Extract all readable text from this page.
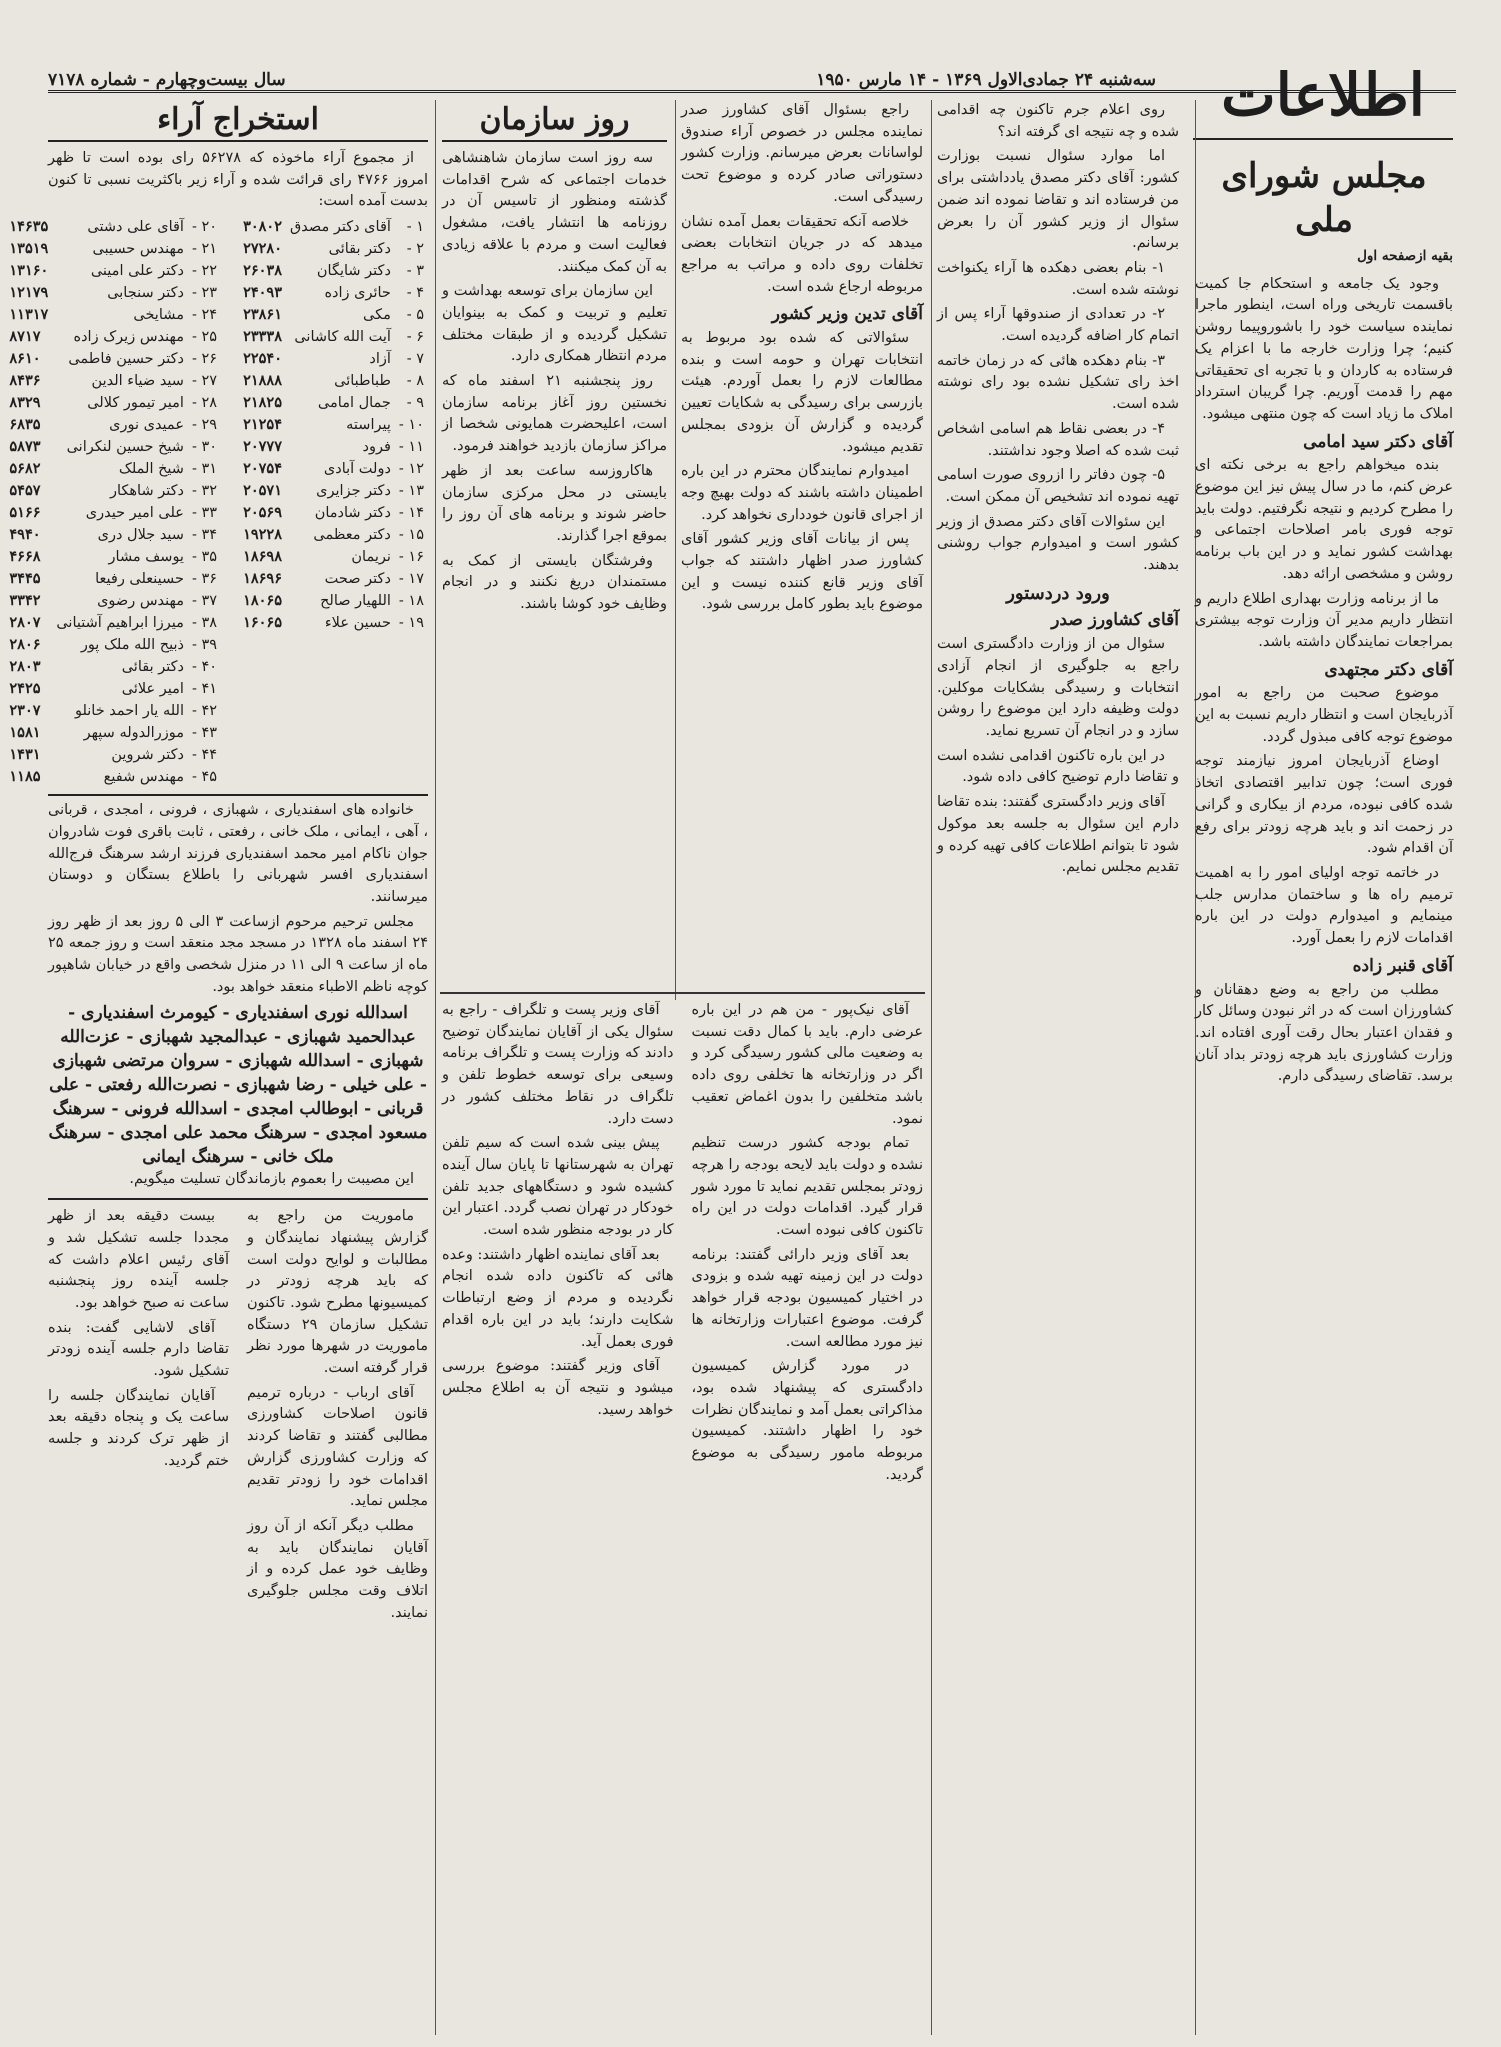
سه‌شنبه ۲۴ جمادی‌الاول ۱۳۶۹ - ۱۴ مارس ۱۹۵۰
سال بیست‌وچهارم - شماره ۷۱۷۸	اطلاعات
مجلس شورای ملی
بقیه ازصفحه اول

وجود یک جامعه و استحکام جا کمیت باقسمت تاریخی وراه است، اینطور ماجرا نماینده سیاست خود را باشوروپیما روشن کنیم؛ چرا وزارت خارجه ما با اعزام یک فرستاده به کاردان و با تجربه ای تحقیقاتی مهم را قدمت آوریم. چرا گریبان استرداد املاک ما زیاد است که چون منتهی میشود.

آقای دکتر سید امامی

بنده میخواهم راجع به برخی نکته ای عرض کنم، ما در سال پیش نیز این موضوع را مطرح کردیم و نتیجه نگرفتیم. دولت باید توجه فوری بامر اصلاحات اجتماعی و بهداشت کشور نماید و در این باب برنامه روشن و مشخصی ارائه دهد.

ما از برنامه وزارت بهداری اطلاع داریم و انتظار داریم مدیر آن وزارت توجه بیشتری بمراجعات نمایندگان داشته باشد.

آقای دکتر مجتهدی

موضوع صحبت من راجع به امور آذربایجان است و انتظار داریم نسبت به این موضوع توجه کافی مبذول گردد.

اوضاع آذربایجان امروز نیازمند توجه فوری است؛ چون تدابیر اقتصادی اتخاذ شده کافی نبوده، مردم از بیکاری و گرانی در زحمت اند و باید هرچه زودتر برای رفع آن اقدام شود.

در خاتمه توجه اولیای امور را به اهمیت ترمیم راه ها و ساختمان مدارس جلب مینمایم و امیدوارم دولت در این باره اقدامات لازم را بعمل آورد.

آقای قنبر زاده

مطلب من راجع به وضع دهقانان و کشاورزان است که در اثر نبودن وسائل کار و فقدان اعتبار بحال رقت آوری افتاده اند. وزارت کشاورزی باید هرچه زودتر بداد آنان برسد. تقاضای رسیدگی دارم.

روی اعلام جرم تاکنون چه اقدامی شده و چه نتیجه ای گرفته اند؟

اما موارد سئوال نسبت بوزارت کشور: آقای دکتر مصدق یادداشتی برای من فرستاده اند و تقاضا نموده اند ضمن سئوال از وزیر کشور آن را بعرض برسانم.

۱- بنام بعضی دهکده ها آراء یکنواخت نوشته شده است.

۲- در تعدادی از صندوقها آراء پس از اتمام کار اضافه گردیده است.

۳- بنام دهکده هائی که در زمان خاتمه اخذ رای تشکیل نشده بود رای نوشته شده است.

۴- در بعضی نقاط هم اسامی اشخاص ثبت شده که اصلا وجود نداشتند.

۵- چون دفاتر را ازروی صورت اسامی تهیه نموده اند تشخیص آن ممکن است.

این سئوالات آقای دکتر مصدق از وزیر کشور است و امیدوارم جواب روشنی بدهند.

ورود دردستور
آقای کشاورز صدر

سئوال من از وزارت دادگستری است راجع به جلوگیری از انجام آزادی انتخابات و رسیدگی بشکایات موکلین. دولت وظیفه دارد این موضوع را روشن سازد و در انجام آن تسریع نماید.

در این باره تاکنون اقدامی نشده است و تقاضا دارم توضیح کافی داده شود.

آقای وزیر دادگستری گفتند: بنده تقاضا دارم این سئوال به جلسه بعد موکول شود تا بتوانم اطلاعات کافی تهیه کرده و تقدیم مجلس نمایم.

راجع بسئوال آقای کشاورز صدر نماینده مجلس در خصوص آراء صندوق لواسانات بعرض میرسانم. وزارت کشور دستوراتی صادر کرده و موضوع تحت رسیدگی است.

خلاصه آنکه تحقیقات بعمل آمده نشان میدهد که در جریان انتخابات بعضی تخلفات روی داده و مراتب به مراجع مربوطه ارجاع شده است.

آقای تدین وزیر کشور

سئوالاتی که شده بود مربوط به انتخابات تهران و حومه است و بنده مطالعات لازم را بعمل آوردم. هیئت بازرسی برای رسیدگی به شکایات تعیین گردیده و گزارش آن بزودی بمجلس تقدیم میشود.

امیدوارم نمایندگان محترم در این باره اطمینان داشته باشند که دولت بهیچ وجه از اجرای قانون خودداری نخواهد کرد.

پس از بیانات آقای وزیر کشور آقای کشاورز صدر اظهار داشتند که جواب آقای وزیر قانع کننده نیست و این موضوع باید بطور کامل بررسی شود.

روز سازمان

سه روز است سازمان شاهنشاهی خدمات اجتماعی که شرح اقدامات گذشته ومنظور از تاسیس آن در روزنامه ها انتشار یافت، مشغول فعالیت است و مردم با علاقه زیادی به آن کمک میکنند.

این سازمان برای توسعه بهداشت و تعلیم و تربیت و کمک به بینوایان تشکیل گردیده و از طبقات مختلف مردم انتظار همکاری دارد.

روز پنجشنبه ۲۱ اسفند ماه که نخستین روز آغاز برنامه سازمان است، اعلیحضرت همایونی شخصا از مراکز سازمان بازدید خواهند فرمود.

هاکاروزسه ساعت بعد از ظهر بایستی در محل مرکزی سازمان حاضر شوند و برنامه های آن روز را بموقع اجرا گذارند.

وفرشتگان بایستی از کمک به مستمندان دریغ نکنند و در انجام وظایف خود کوشا باشند.

آقای نیک‌پور - من هم در این باره عرضی دارم. باید با کمال دقت نسبت به وضعیت مالی کشور رسیدگی کرد و اگر در وزارتخانه ها تخلفی روی داده باشد متخلفین را بدون اغماض تعقیب نمود.

تمام بودجه کشور درست تنظیم نشده و دولت باید لایحه بودجه را هرچه زودتر بمجلس تقدیم نماید تا مورد شور قرار گیرد. اقدامات دولت در این راه تاکنون کافی نبوده است.

بعد آقای وزیر دارائی گفتند: برنامه دولت در این زمینه تهیه شده و بزودی در اختیار کمیسیون بودجه قرار خواهد گرفت. موضوع اعتبارات وزارتخانه ها نیز مورد مطالعه است.

در مورد گزارش کمیسیون دادگستری که پیشنهاد شده بود، مذاکراتی بعمل آمد و نمایندگان نظرات خود را اظهار داشتند. کمیسیون مربوطه مامور رسیدگی به موضوع گردید.

آقای وزیر پست و تلگراف - راجع به سئوال یکی از آقایان نمایندگان توضیح دادند که وزارت پست و تلگراف برنامه وسیعی برای توسعه خطوط تلفن و تلگراف در نقاط مختلف کشور در دست دارد.

پیش بینی شده است که سیم تلفن تهران به شهرستانها تا پایان سال آینده کشیده شود و دستگاههای جدید تلفن خودکار در تهران نصب گردد. اعتبار این کار در بودجه منظور شده است.

بعد آقای نماینده اظهار داشتند: وعده هائی که تاکنون داده شده انجام نگردیده و مردم از وضع ارتباطات شکایت دارند؛ باید در این باره اقدام فوری بعمل آید.

آقای وزیر گفتند: موضوع بررسی میشود و نتیجه آن به اطلاع مجلس خواهد رسید.

استخراج آراء

از مجموع آراء ماخوذه که ۵۶۲۷۸ رای بوده است تا ظهر امروز ۴۷۶۶ رای قرائت شده و آراء زیر باکثریت نسبی تا کنون بدست آمده است:

۱ -	آقای دکتر مصدق	۳۰۸۰۲
۲ -	دکتر بقائی	۲۷۲۸۰
۳ -	دکتر شایگان	۲۶۰۳۸
۴ -	حائری زاده	۲۴۰۹۳
۵ -	مکی	۲۳۸۶۱
۶ -	آیت الله کاشانی	۲۳۳۳۸
۷ -	آزاد	۲۲۵۴۰
۸ -	طباطبائی	۲۱۸۸۸
۹ -	جمال امامی	۲۱۸۲۵
۱۰ -	پیراسته	۲۱۲۵۴
۱۱ -	فرود	۲۰۷۷۷
۱۲ -	دولت آبادی	۲۰۷۵۴
۱۳ -	دکتر جزایری	۲۰۵۷۱
۱۴ -	دکتر شادمان	۲۰۵۶۹
۱۵ -	دکتر معظمی	۱۹۲۲۸
۱۶ -	نریمان	۱۸۶۹۸
۱۷ -	دکتر صحت	۱۸۶۹۶
۱۸ -	اللهیار صالح	۱۸۰۶۵
۱۹ -	حسین علاء	۱۶۰۶۵
۲۰ -	آقای علی دشتی	۱۴۶۳۵
۲۱ -	مهندس حسیبی	۱۳۵۱۹
۲۲ -	دکتر علی امینی	۱۳۱۶۰
۲۳ -	دکتر سنجابی	۱۲۱۷۹
۲۴ -	مشایخی	۱۱۳۱۷
۲۵ -	مهندس زیرک زاده	۸۷۱۷
۲۶ -	دکتر حسین فاطمی	۸۶۱۰
۲۷ -	سید ضیاء الدین	۸۴۳۶
۲۸ -	امیر تیمور کلالی	۸۳۲۹
۲۹ -	عمیدی نوری	۶۸۳۵
۳۰ -	شیخ حسین لنکرانی	۵۸۷۳
۳۱ -	شیخ الملک	۵۶۸۲
۳۲ -	دکتر شاهکار	۵۴۵۷
۳۳ -	علی امیر حیدری	۵۱۶۶
۳۴ -	سید جلال دری	۴۹۴۰
۳۵ -	یوسف مشار	۴۶۶۸
۳۶ -	حسینعلی رفیعا	۳۴۴۵
۳۷ -	مهندس رضوی	۳۳۴۲
۳۸ -	میرزا ابراهیم آشتیانی	۲۸۰۷
۳۹ -	ذبیح الله ملک پور	۲۸۰۶
۴۰ -	دکتر بقائی	۲۸۰۳
۴۱ -	امیر علائی	۲۴۲۵
۴۲ -	الله یار احمد خانلو	۲۳۰۷
۴۳ -	موزرالدوله سپهر	۱۵۸۱
۴۴ -	دکتر شروین	۱۴۳۱
۴۵ -	مهندس شفیع	۱۱۸۵

خانواده های اسفندیاری ، شهبازی ، فرونی ، امجدی ، قربانی ، آهی ، ایمانی ، ملک خانی ، رفعتی ، ثابت باقری فوت شادروان جوان ناکام امیر محمد اسفندیاری فرزند ارشد سرهنگ فرج‌الله اسفندیاری افسر شهربانی را باطلاع بستگان و دوستان میرسانند.

مجلس ترحیم مرحوم ازساعت ۳ الی ۵ روز بعد از ظهر روز ۲۴ اسفند ماه ۱۳۲۸ در مسجد مجد منعقد است و روز جمعه ۲۵ ماه از ساعت ۹ الی ۱۱ در منزل شخصی واقع در خیابان شاهپور کوچه ناظم الاطباء منعقد خواهد بود.

اسدالله نوری اسفندیاری - کیومرث اسفندیاری - عبدالحمید شهبازی - عبدالمجید شهبازی - عزت‌الله شهبازی - اسدالله شهبازی - سروان مرتضی شهبازی - علی خیلی - رضا شهبازی - نصرت‌الله رفعتی - علی قربانی - ابوطالب امجدی - اسدالله فرونی - سرهنگ مسعود امجدی - سرهنگ محمد علی امجدی - سرهنگ ملک خانی - سرهنگ ایمانی

این مصیبت را بعموم بازماندگان تسلیت میگویم.

ماموریت من راجع به گزارش پیشنهاد نمایندگان و مطالبات و لوایح دولت است که باید هرچه زودتر در کمیسیونها مطرح شود. تاکنون تشکیل سازمان ۲۹ دستگاه ماموریت در شهرها مورد نظر قرار گرفته است.

آقای ارباب - درباره ترمیم قانون اصلاحات کشاورزی مطالبی گفتند و تقاضا کردند که وزارت کشاورزی گزارش اقدامات خود را زودتر تقدیم مجلس نماید.

مطلب دیگر آنکه از آن روز آقایان نمایندگان باید به وظایف خود عمل کرده و از اتلاف وقت مجلس جلوگیری نمایند.

بیست دقیقه بعد از ظهر مجددا جلسه تشکیل شد و آقای رئیس اعلام داشت که جلسه آینده روز پنجشنبه ساعت نه صبح خواهد بود.

آقای لاشایی گفت: بنده تقاضا دارم جلسه آینده زودتر تشکیل شود.

آقایان نمایندگان جلسه را ساعت یک و پنجاه دقیقه بعد از ظهر ترک کردند و جلسه ختم گردید.
